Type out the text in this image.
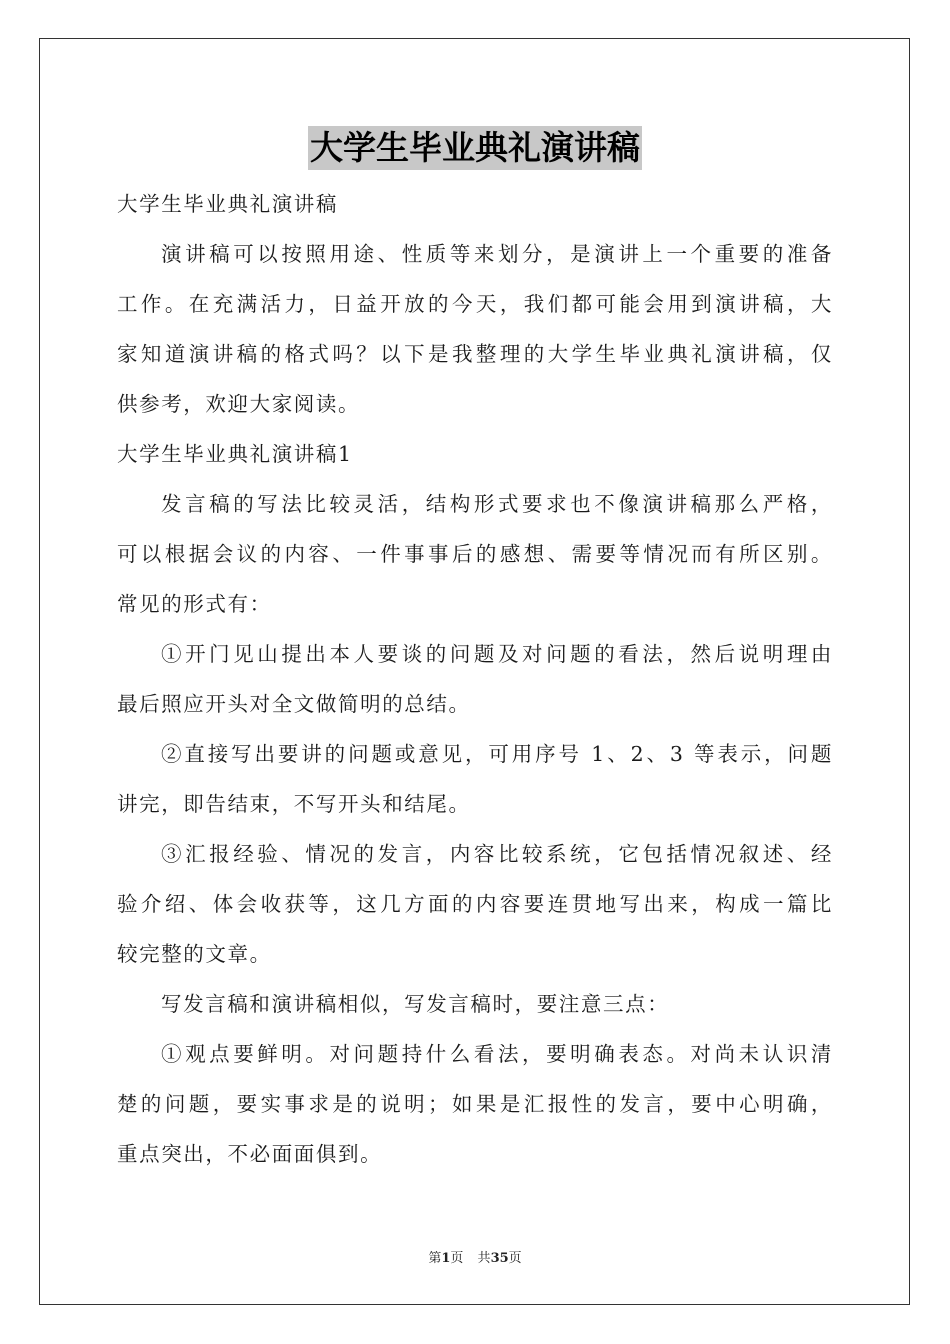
大学生毕业典礼演讲稿
大学生毕业典礼演讲稿
演讲稿可以按照用途、性质等来划分，是演讲上一个重要的准备
工作。在充满活力，日益开放的今天，我们都可能会用到演讲稿，大
家知道演讲稿的格式吗？以下是我整理的大学生毕业典礼演讲稿，仅
供参考，欢迎大家阅读。
大学生毕业典礼演讲稿1
发言稿的写法比较灵活，结构形式要求也不像演讲稿那么严格，
可以根据会议的内容、一件事事后的感想、需要等情况而有所区别。
常见的形式有：
①开门见山提出本人要谈的问题及对问题的看法，然后说明理由
最后照应开头对全文做简明的总结。
②直接写出要讲的问题或意见，可用序号 1、2、3 等表示，问题
讲完，即告结束，不写开头和结尾。
③汇报经验、情况的发言，内容比较系统，它包括情况叙述、经
验介绍、体会收获等，这几方面的内容要连贯地写出来，构成一篇比
较完整的文章。
写发言稿和演讲稿相似，写发言稿时，要注意三点：
①观点要鲜明。对问题持什么看法，要明确表态。对尚未认识清
楚的问题，要实事求是的说明；如果是汇报性的发言，要中心明确，
重点突出，不必面面俱到。
第1页 共35页
